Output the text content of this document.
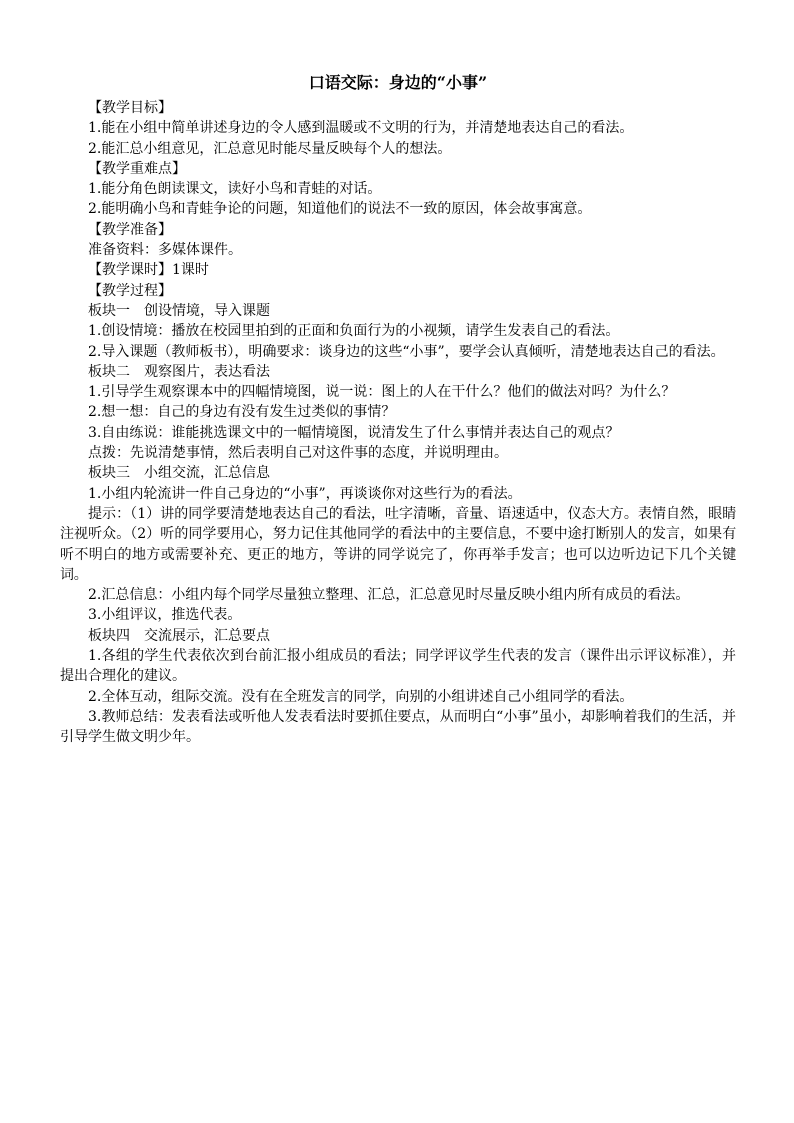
口语交际：身边的“小事”

【教学目标】

1.能在小组中简单讲述身边的令人感到温暖或不文明的行为，并清楚地表达自己的看法。

2.能汇总小组意见，汇总意见时能尽量反映每个人的想法。

【教学重难点】

1.能分角色朗读课文，读好小鸟和青蛙的对话。

2.能明确小鸟和青蛙争论的问题，知道他们的说法不一致的原因，体会故事寓意。

【教学准备】

准备资料：多媒体课件。

【教学课时】1课时

【教学过程】

板块一　创设情境，导入课题

1.创设情境：播放在校园里拍到的正面和负面行为的小视频，请学生发表自己的看法。

2.导入课题（教师板书），明确要求：谈身边的这些“小事”，要学会认真倾听，清楚地表达自己的看法。

板块二　观察图片，表达看法

1.引导学生观察课本中的四幅情境图，说一说：图上的人在干什么？他们的做法对吗？为什么？

2.想一想：自己的身边有没有发生过类似的事情？

3.自由练说：谁能挑选课文中的一幅情境图，说清发生了什么事情并表达自己的观点？

点拨：先说清楚事情，然后表明自己对这件事的态度，并说明理由。

板块三　小组交流，汇总信息

1.小组内轮流讲一件自己身边的“小事”，再谈谈你对这些行为的看法。

提示：（1）讲的同学要清楚地表达自己的看法，吐字清晰，音量、语速适中，仪态大方。表情自然，眼睛注视听众。（2）听的同学要用心，努力记住其他同学的看法中的主要信息，不要中途打断别人的发言，如果有听不明白的地方或需要补充、更正的地方，等讲的同学说完了，你再举手发言；也可以边听边记下几个关键词。

2.汇总信息：小组内每个同学尽量独立整理、汇总，汇总意见时尽量反映小组内所有成员的看法。

3.小组评议，推选代表。

板块四　交流展示，汇总要点

1.各组的学生代表依次到台前汇报小组成员的看法；同学评议学生代表的发言（课件出示评议标准），并提出合理化的建议。

2.全体互动，组际交流。没有在全班发言的同学，向别的小组讲述自己小组同学的看法。

3.教师总结：发表看法或听他人发表看法时要抓住要点，从而明白“小事”虽小，却影响着我们的生活，并引导学生做文明少年。
